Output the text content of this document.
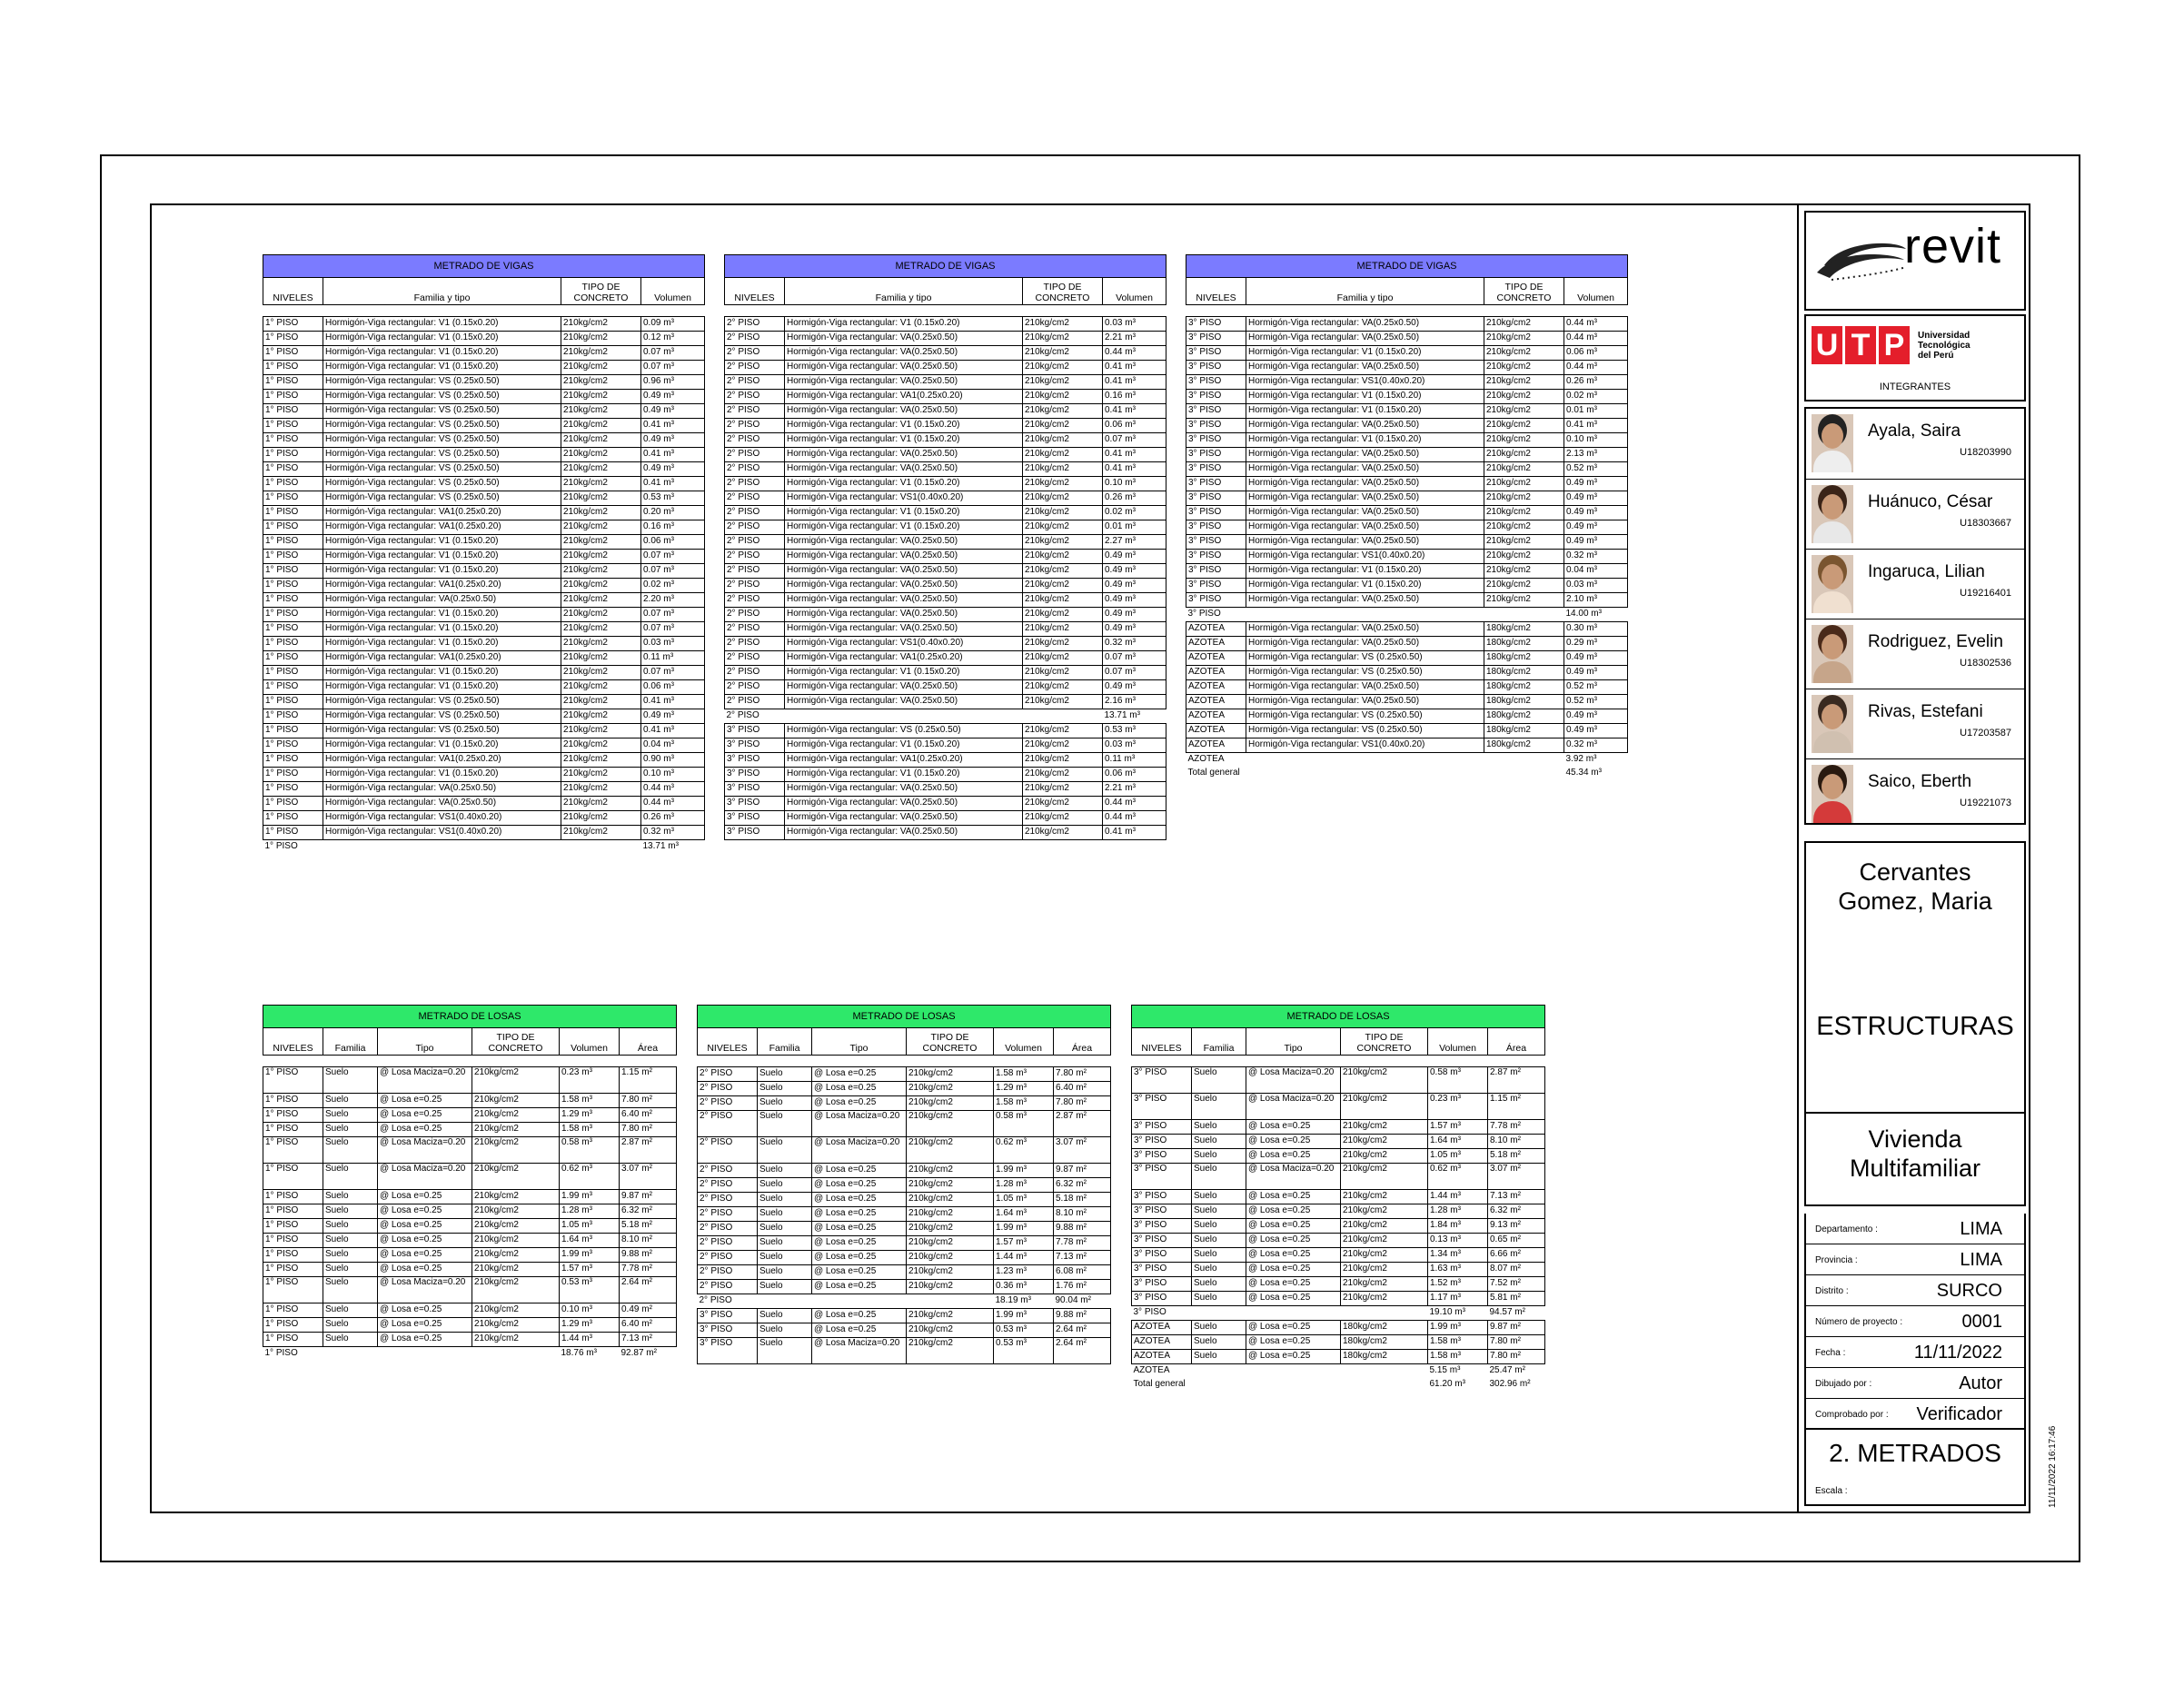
METRADO DE VIGAS			
NIVELES	Familia y tipo	TIPO DE CONCRETO	Volumen

1° PISO	Hormigón-Viga rectangular: V1 (0.15x0.20)	210kg/cm2	0.09 m³
1° PISO	Hormigón-Viga rectangular: V1 (0.15x0.20)	210kg/cm2	0.12 m³
1° PISO	Hormigón-Viga rectangular: V1 (0.15x0.20)	210kg/cm2	0.07 m³
1° PISO	Hormigón-Viga rectangular: V1 (0.15x0.20)	210kg/cm2	0.07 m³
1° PISO	Hormigón-Viga rectangular: VS (0.25x0.50)	210kg/cm2	0.96 m³
1° PISO	Hormigón-Viga rectangular: VS (0.25x0.50)	210kg/cm2	0.49 m³
1° PISO	Hormigón-Viga rectangular: VS (0.25x0.50)	210kg/cm2	0.49 m³
1° PISO	Hormigón-Viga rectangular: VS (0.25x0.50)	210kg/cm2	0.41 m³
1° PISO	Hormigón-Viga rectangular: VS (0.25x0.50)	210kg/cm2	0.49 m³
1° PISO	Hormigón-Viga rectangular: VS (0.25x0.50)	210kg/cm2	0.41 m³
1° PISO	Hormigón-Viga rectangular: VS (0.25x0.50)	210kg/cm2	0.49 m³
1° PISO	Hormigón-Viga rectangular: VS (0.25x0.50)	210kg/cm2	0.41 m³
1° PISO	Hormigón-Viga rectangular: VS (0.25x0.50)	210kg/cm2	0.53 m³
1° PISO	Hormigón-Viga rectangular: VA1(0.25x0.20)	210kg/cm2	0.20 m³
1° PISO	Hormigón-Viga rectangular: VA1(0.25x0.20)	210kg/cm2	0.16 m³
1° PISO	Hormigón-Viga rectangular: V1 (0.15x0.20)	210kg/cm2	0.06 m³
1° PISO	Hormigón-Viga rectangular: V1 (0.15x0.20)	210kg/cm2	0.07 m³
1° PISO	Hormigón-Viga rectangular: V1 (0.15x0.20)	210kg/cm2	0.07 m³
1° PISO	Hormigón-Viga rectangular: VA1(0.25x0.20)	210kg/cm2	0.02 m³
1° PISO	Hormigón-Viga rectangular: VA(0.25x0.50)	210kg/cm2	2.20 m³
1° PISO	Hormigón-Viga rectangular: V1 (0.15x0.20)	210kg/cm2	0.07 m³
1° PISO	Hormigón-Viga rectangular: V1 (0.15x0.20)	210kg/cm2	0.07 m³
1° PISO	Hormigón-Viga rectangular: V1 (0.15x0.20)	210kg/cm2	0.03 m³
1° PISO	Hormigón-Viga rectangular: VA1(0.25x0.20)	210kg/cm2	0.11 m³
1° PISO	Hormigón-Viga rectangular: V1 (0.15x0.20)	210kg/cm2	0.07 m³
1° PISO	Hormigón-Viga rectangular: V1 (0.15x0.20)	210kg/cm2	0.06 m³
1° PISO	Hormigón-Viga rectangular: VS (0.25x0.50)	210kg/cm2	0.41 m³
1° PISO	Hormigón-Viga rectangular: VS (0.25x0.50)	210kg/cm2	0.49 m³
1° PISO	Hormigón-Viga rectangular: VS (0.25x0.50)	210kg/cm2	0.41 m³
1° PISO	Hormigón-Viga rectangular: V1 (0.15x0.20)	210kg/cm2	0.04 m³
1° PISO	Hormigón-Viga rectangular: VA1(0.25x0.20)	210kg/cm2	0.90 m³
1° PISO	Hormigón-Viga rectangular: V1 (0.15x0.20)	210kg/cm2	0.10 m³
1° PISO	Hormigón-Viga rectangular: VA(0.25x0.50)	210kg/cm2	0.44 m³
1° PISO	Hormigón-Viga rectangular: VA(0.25x0.50)	210kg/cm2	0.44 m³
1° PISO	Hormigón-Viga rectangular: VS1(0.40x0.20)	210kg/cm2	0.26 m³
1° PISO	Hormigón-Viga rectangular: VS1(0.40x0.20)	210kg/cm2	0.32 m³
1° PISO			13.71 m³
METRADO DE VIGAS			
NIVELES	Familia y tipo	TIPO DE CONCRETO	Volumen

2° PISO	Hormigón-Viga rectangular: V1 (0.15x0.20)	210kg/cm2	0.03 m³
2° PISO	Hormigón-Viga rectangular: VA(0.25x0.50)	210kg/cm2	2.21 m³
2° PISO	Hormigón-Viga rectangular: VA(0.25x0.50)	210kg/cm2	0.44 m³
2° PISO	Hormigón-Viga rectangular: VA(0.25x0.50)	210kg/cm2	0.41 m³
2° PISO	Hormigón-Viga rectangular: VA(0.25x0.50)	210kg/cm2	0.41 m³
2° PISO	Hormigón-Viga rectangular: VA1(0.25x0.20)	210kg/cm2	0.16 m³
2° PISO	Hormigón-Viga rectangular: VA(0.25x0.50)	210kg/cm2	0.41 m³
2° PISO	Hormigón-Viga rectangular: V1 (0.15x0.20)	210kg/cm2	0.06 m³
2° PISO	Hormigón-Viga rectangular: V1 (0.15x0.20)	210kg/cm2	0.07 m³
2° PISO	Hormigón-Viga rectangular: VA(0.25x0.50)	210kg/cm2	0.41 m³
2° PISO	Hormigón-Viga rectangular: VA(0.25x0.50)	210kg/cm2	0.41 m³
2° PISO	Hormigón-Viga rectangular: V1 (0.15x0.20)	210kg/cm2	0.10 m³
2° PISO	Hormigón-Viga rectangular: VS1(0.40x0.20)	210kg/cm2	0.26 m³
2° PISO	Hormigón-Viga rectangular: V1 (0.15x0.20)	210kg/cm2	0.02 m³
2° PISO	Hormigón-Viga rectangular: V1 (0.15x0.20)	210kg/cm2	0.01 m³
2° PISO	Hormigón-Viga rectangular: VA(0.25x0.50)	210kg/cm2	2.27 m³
2° PISO	Hormigón-Viga rectangular: VA(0.25x0.50)	210kg/cm2	0.49 m³
2° PISO	Hormigón-Viga rectangular: VA(0.25x0.50)	210kg/cm2	0.49 m³
2° PISO	Hormigón-Viga rectangular: VA(0.25x0.50)	210kg/cm2	0.49 m³
2° PISO	Hormigón-Viga rectangular: VA(0.25x0.50)	210kg/cm2	0.49 m³
2° PISO	Hormigón-Viga rectangular: VA(0.25x0.50)	210kg/cm2	0.49 m³
2° PISO	Hormigón-Viga rectangular: VA(0.25x0.50)	210kg/cm2	0.49 m³
2° PISO	Hormigón-Viga rectangular: VS1(0.40x0.20)	210kg/cm2	0.32 m³
2° PISO	Hormigón-Viga rectangular: VA1(0.25x0.20)	210kg/cm2	0.07 m³
2° PISO	Hormigón-Viga rectangular: V1 (0.15x0.20)	210kg/cm2	0.07 m³
2° PISO	Hormigón-Viga rectangular: VA(0.25x0.50)	210kg/cm2	0.49 m³
2° PISO	Hormigón-Viga rectangular: VA(0.25x0.50)	210kg/cm2	2.16 m³
2° PISO			13.71 m³
3° PISO	Hormigón-Viga rectangular: VS (0.25x0.50)	210kg/cm2	0.53 m³
3° PISO	Hormigón-Viga rectangular: V1 (0.15x0.20)	210kg/cm2	0.03 m³
3° PISO	Hormigón-Viga rectangular: VA1(0.25x0.20)	210kg/cm2	0.11 m³
3° PISO	Hormigón-Viga rectangular: V1 (0.15x0.20)	210kg/cm2	0.06 m³
3° PISO	Hormigón-Viga rectangular: VA(0.25x0.50)	210kg/cm2	2.21 m³
3° PISO	Hormigón-Viga rectangular: VA(0.25x0.50)	210kg/cm2	0.44 m³
3° PISO	Hormigón-Viga rectangular: VA(0.25x0.50)	210kg/cm2	0.44 m³
3° PISO	Hormigón-Viga rectangular: VA(0.25x0.50)	210kg/cm2	0.41 m³
METRADO DE VIGAS			
NIVELES	Familia y tipo	TIPO DE CONCRETO	Volumen

3° PISO	Hormigón-Viga rectangular: VA(0.25x0.50)	210kg/cm2	0.44 m³
3° PISO	Hormigón-Viga rectangular: VA(0.25x0.50)	210kg/cm2	0.44 m³
3° PISO	Hormigón-Viga rectangular: V1 (0.15x0.20)	210kg/cm2	0.06 m³
3° PISO	Hormigón-Viga rectangular: VA(0.25x0.50)	210kg/cm2	0.44 m³
3° PISO	Hormigón-Viga rectangular: VS1(0.40x0.20)	210kg/cm2	0.26 m³
3° PISO	Hormigón-Viga rectangular: V1 (0.15x0.20)	210kg/cm2	0.02 m³
3° PISO	Hormigón-Viga rectangular: V1 (0.15x0.20)	210kg/cm2	0.01 m³
3° PISO	Hormigón-Viga rectangular: VA(0.25x0.50)	210kg/cm2	0.41 m³
3° PISO	Hormigón-Viga rectangular: V1 (0.15x0.20)	210kg/cm2	0.10 m³
3° PISO	Hormigón-Viga rectangular: VA(0.25x0.50)	210kg/cm2	2.13 m³
3° PISO	Hormigón-Viga rectangular: VA(0.25x0.50)	210kg/cm2	0.52 m³
3° PISO	Hormigón-Viga rectangular: VA(0.25x0.50)	210kg/cm2	0.49 m³
3° PISO	Hormigón-Viga rectangular: VA(0.25x0.50)	210kg/cm2	0.49 m³
3° PISO	Hormigón-Viga rectangular: VA(0.25x0.50)	210kg/cm2	0.49 m³
3° PISO	Hormigón-Viga rectangular: VA(0.25x0.50)	210kg/cm2	0.49 m³
3° PISO	Hormigón-Viga rectangular: VA(0.25x0.50)	210kg/cm2	0.49 m³
3° PISO	Hormigón-Viga rectangular: VS1(0.40x0.20)	210kg/cm2	0.32 m³
3° PISO	Hormigón-Viga rectangular: V1 (0.15x0.20)	210kg/cm2	0.04 m³
3° PISO	Hormigón-Viga rectangular: V1 (0.15x0.20)	210kg/cm2	0.03 m³
3° PISO	Hormigón-Viga rectangular: VA(0.25x0.50)	210kg/cm2	2.10 m³
3° PISO			14.00 m³
AZOTEA	Hormigón-Viga rectangular: VA(0.25x0.50)	180kg/cm2	0.30 m³
AZOTEA	Hormigón-Viga rectangular: VA(0.25x0.50)	180kg/cm2	0.29 m³
AZOTEA	Hormigón-Viga rectangular: VS (0.25x0.50)	180kg/cm2	0.49 m³
AZOTEA	Hormigón-Viga rectangular: VS (0.25x0.50)	180kg/cm2	0.49 m³
AZOTEA	Hormigón-Viga rectangular: VA(0.25x0.50)	180kg/cm2	0.52 m³
AZOTEA	Hormigón-Viga rectangular: VA(0.25x0.50)	180kg/cm2	0.52 m³
AZOTEA	Hormigón-Viga rectangular: VS (0.25x0.50)	180kg/cm2	0.49 m³
AZOTEA	Hormigón-Viga rectangular: VS (0.25x0.50)	180kg/cm2	0.49 m³
AZOTEA	Hormigón-Viga rectangular: VS1(0.40x0.20)	180kg/cm2	0.32 m³
AZOTEA			3.92 m³
Total general			45.34 m³
METRADO DE LOSAS					
NIVELES	Familia	Tipo	TIPO DE CONCRETO	Volumen	Área

1° PISO	Suelo	@ Losa Maciza=0.20	210kg/cm2	0.23 m³	1.15 m²
1° PISO	Suelo	@ Losa e=0.25	210kg/cm2	1.58 m³	7.80 m²
1° PISO	Suelo	@ Losa e=0.25	210kg/cm2	1.29 m³	6.40 m²
1° PISO	Suelo	@ Losa e=0.25	210kg/cm2	1.58 m³	7.80 m²
1° PISO	Suelo	@ Losa Maciza=0.20	210kg/cm2	0.58 m³	2.87 m²
1° PISO	Suelo	@ Losa Maciza=0.20	210kg/cm2	0.62 m³	3.07 m²
1° PISO	Suelo	@ Losa e=0.25	210kg/cm2	1.99 m³	9.87 m²
1° PISO	Suelo	@ Losa e=0.25	210kg/cm2	1.28 m³	6.32 m²
1° PISO	Suelo	@ Losa e=0.25	210kg/cm2	1.05 m³	5.18 m²
1° PISO	Suelo	@ Losa e=0.25	210kg/cm2	1.64 m³	8.10 m²
1° PISO	Suelo	@ Losa e=0.25	210kg/cm2	1.99 m³	9.88 m²
1° PISO	Suelo	@ Losa e=0.25	210kg/cm2	1.57 m³	7.78 m²
1° PISO	Suelo	@ Losa Maciza=0.20	210kg/cm2	0.53 m³	2.64 m²
1° PISO	Suelo	@ Losa e=0.25	210kg/cm2	0.10 m³	0.49 m²
1° PISO	Suelo	@ Losa e=0.25	210kg/cm2	1.29 m³	6.40 m²
1° PISO	Suelo	@ Losa e=0.25	210kg/cm2	1.44 m³	7.13 m²
1° PISO				18.76 m³	92.87 m²
METRADO DE LOSAS					
NIVELES	Familia	Tipo	TIPO DE CONCRETO	Volumen	Área

2° PISO	Suelo	@ Losa e=0.25	210kg/cm2	1.58 m³	7.80 m²
2° PISO	Suelo	@ Losa e=0.25	210kg/cm2	1.29 m³	6.40 m²
2° PISO	Suelo	@ Losa e=0.25	210kg/cm2	1.58 m³	7.80 m²
2° PISO	Suelo	@ Losa Maciza=0.20	210kg/cm2	0.58 m³	2.87 m²
2° PISO	Suelo	@ Losa Maciza=0.20	210kg/cm2	0.62 m³	3.07 m²
2° PISO	Suelo	@ Losa e=0.25	210kg/cm2	1.99 m³	9.87 m²
2° PISO	Suelo	@ Losa e=0.25	210kg/cm2	1.28 m³	6.32 m²
2° PISO	Suelo	@ Losa e=0.25	210kg/cm2	1.05 m³	5.18 m²
2° PISO	Suelo	@ Losa e=0.25	210kg/cm2	1.64 m³	8.10 m²
2° PISO	Suelo	@ Losa e=0.25	210kg/cm2	1.99 m³	9.88 m²
2° PISO	Suelo	@ Losa e=0.25	210kg/cm2	1.57 m³	7.78 m²
2° PISO	Suelo	@ Losa e=0.25	210kg/cm2	1.44 m³	7.13 m²
2° PISO	Suelo	@ Losa e=0.25	210kg/cm2	1.23 m³	6.08 m²
2° PISO	Suelo	@ Losa e=0.25	210kg/cm2	0.36 m³	1.76 m²
2° PISO				18.19 m³	90.04 m²
3° PISO	Suelo	@ Losa e=0.25	210kg/cm2	1.99 m³	9.88 m²
3° PISO	Suelo	@ Losa e=0.25	210kg/cm2	0.53 m³	2.64 m²
3° PISO	Suelo	@ Losa Maciza=0.20	210kg/cm2	0.53 m³	2.64 m²
METRADO DE LOSAS					
NIVELES	Familia	Tipo	TIPO DE CONCRETO	Volumen	Área

3° PISO	Suelo	@ Losa Maciza=0.20	210kg/cm2	0.58 m³	2.87 m²
3° PISO	Suelo	@ Losa Maciza=0.20	210kg/cm2	0.23 m³	1.15 m²
3° PISO	Suelo	@ Losa e=0.25	210kg/cm2	1.57 m³	7.78 m²
3° PISO	Suelo	@ Losa e=0.25	210kg/cm2	1.64 m³	8.10 m²
3° PISO	Suelo	@ Losa e=0.25	210kg/cm2	1.05 m³	5.18 m²
3° PISO	Suelo	@ Losa Maciza=0.20	210kg/cm2	0.62 m³	3.07 m²
3° PISO	Suelo	@ Losa e=0.25	210kg/cm2	1.44 m³	7.13 m²
3° PISO	Suelo	@ Losa e=0.25	210kg/cm2	1.28 m³	6.32 m²
3° PISO	Suelo	@ Losa e=0.25	210kg/cm2	1.84 m³	9.13 m²
3° PISO	Suelo	@ Losa e=0.25	210kg/cm2	0.13 m³	0.65 m²
3° PISO	Suelo	@ Losa e=0.25	210kg/cm2	1.34 m³	6.66 m²
3° PISO	Suelo	@ Losa e=0.25	210kg/cm2	1.63 m³	8.07 m²
3° PISO	Suelo	@ Losa e=0.25	210kg/cm2	1.52 m³	7.52 m²
3° PISO	Suelo	@ Losa e=0.25	210kg/cm2	1.17 m³	5.81 m²
3° PISO				19.10 m³	94.57 m²
AZOTEA	Suelo	@ Losa e=0.25	180kg/cm2	1.99 m³	9.87 m²
AZOTEA	Suelo	@ Losa e=0.25	180kg/cm2	1.58 m³	7.80 m²
AZOTEA	Suelo	@ Losa e=0.25	180kg/cm2	1.58 m³	7.80 m²
AZOTEA				5.15 m³	25.47 m²
Total general				61.20 m³	302.96 m²
revit
U T P	Universidad
Tecnológica
del Perú
INTEGRANTES
Ayala, Saira
U18203990
Huánuco, César
U18303667
Ingaruca, Lilian
U19216401
Rodriguez, Evelin
U18302536
Rivas, Estefani
U17203587
Saico, Eberth
U19221073
Cervantes Gomez, Maria
ESTRUCTURAS
Vivienda Multifamiliar
Departamento :	LIMA
Provincia :	LIMA
Distrito :	SURCO
Número de proyecto :	0001
Fecha :	11/11/2022
Dibujado por :	Autor
Comprobado por : Verificador
2. METRADOS
Escala :	11/11/2022 16:17:46
